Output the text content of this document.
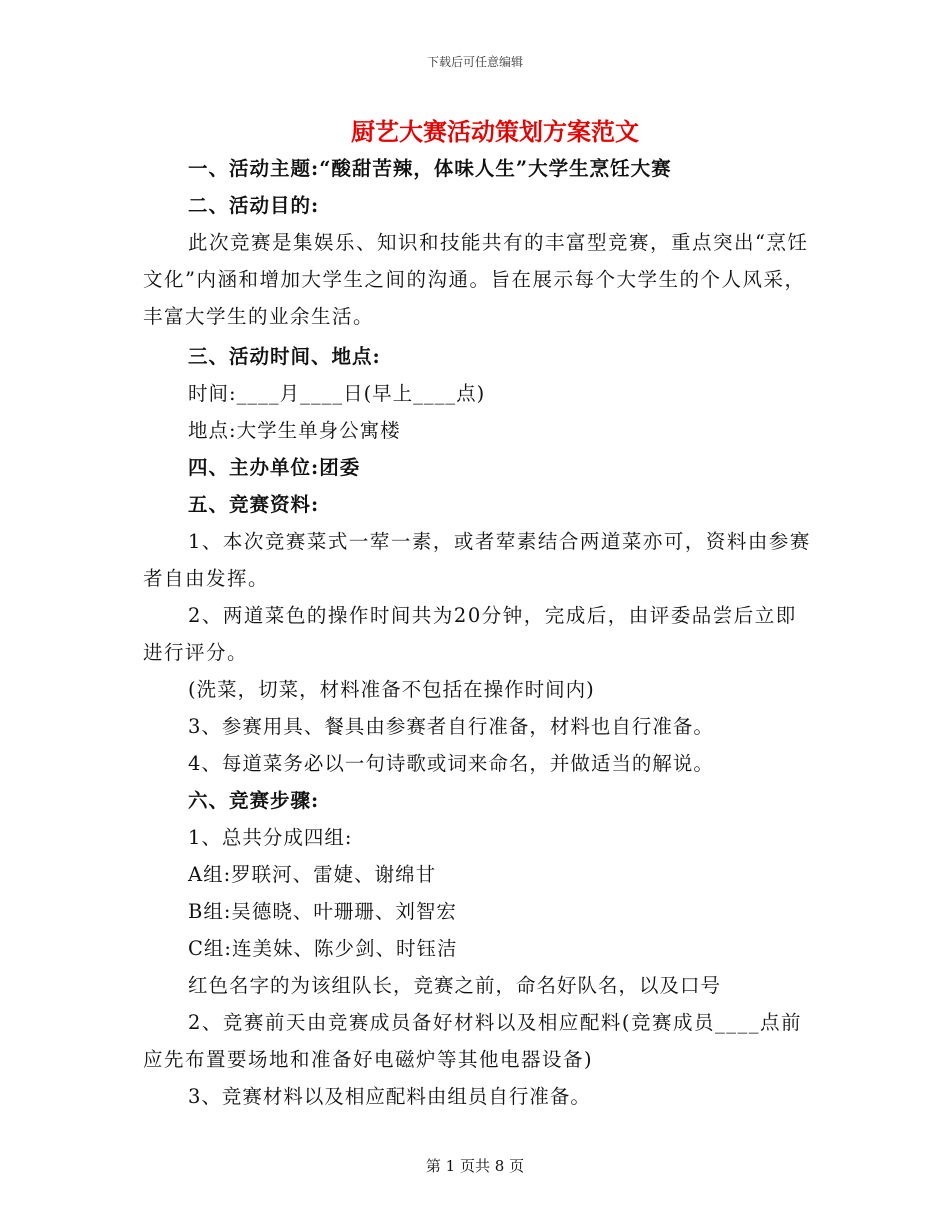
下载后可任意编辑
厨艺大赛活动策划方案范文
一、活动主题:“酸甜苦辣，体味人生”大学生烹饪大赛
二、活动目的:
此次竞赛是集娱乐、知识和技能共有的丰富型竞赛，重点突出“烹饪文化”内涵和增加大学生之间的沟通。旨在展示每个大学生的个人风采，丰富大学生的业余生活。
三、活动时间、地点:
时间:____月____日(早上____点)
地点:大学生单身公寓楼
四、主办单位:团委
五、竞赛资料:
1、本次竞赛菜式一荤一素，或者荤素结合两道菜亦可，资料由参赛者自由发挥。
2、两道菜色的操作时间共为20分钟，完成后，由评委品尝后立即进行评分。
(洗菜，切菜，材料准备不包括在操作时间内)
3、参赛用具、餐具由参赛者自行准备，材料也自行准备。
4、每道菜务必以一句诗歌或词来命名，并做适当的解说。
六、竞赛步骤:
1、总共分成四组:
A组:罗联河、雷婕、谢绵甘
B组:吴德晓、叶珊珊、刘智宏
C组:连美妹、陈少剑、时钰洁
红色名字的为该组队长，竞赛之前，命名好队名，以及口号
2、竞赛前天由竞赛成员备好材料以及相应配料(竞赛成员____点前应先布置要场地和准备好电磁炉等其他电器设备)
3、竞赛材料以及相应配料由组员自行准备。
第 1 页共 8 页
